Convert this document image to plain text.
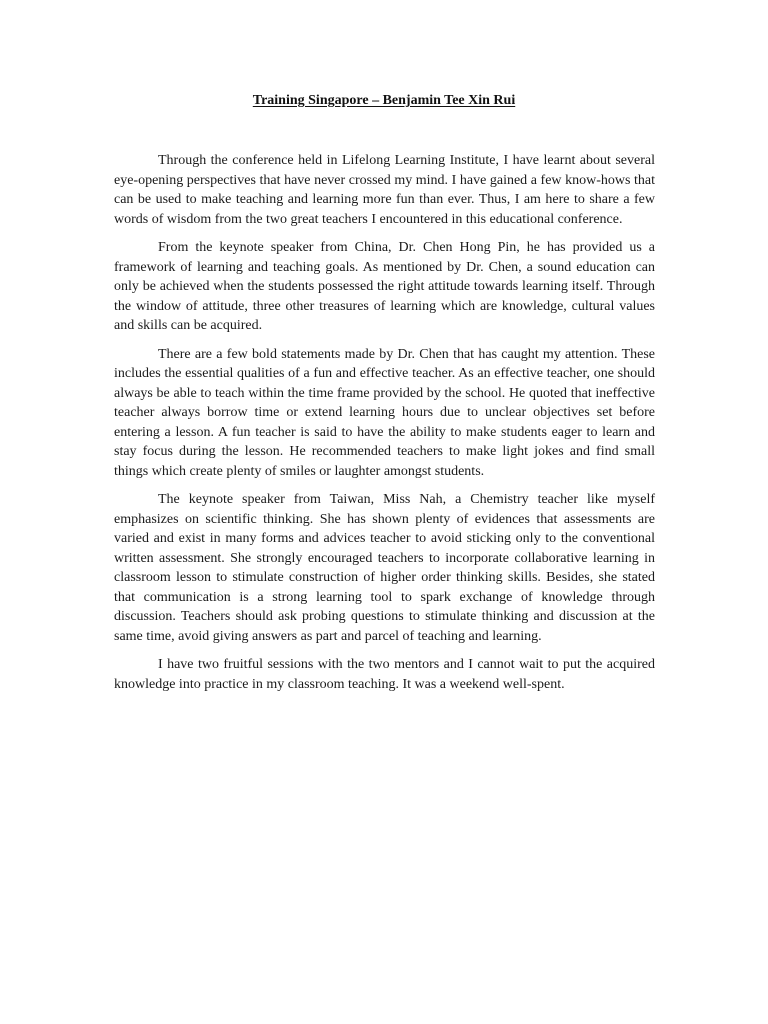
Training Singapore – Benjamin Tee Xin Rui

Through the conference held in Lifelong Learning Institute, I have learnt about several eye-opening perspectives that have never crossed my mind. I have gained a few know-hows that can be used to make teaching and learning more fun than ever. Thus, I am here to share a few words of wisdom from the two great teachers I encountered in this educational conference.

From the keynote speaker from China, Dr. Chen Hong Pin, he has provided us a framework of learning and teaching goals. As mentioned by Dr. Chen, a sound education can only be achieved when the students possessed the right attitude towards learning itself. Through the window of attitude, three other treasures of learning which are knowledge, cultural values and skills can be acquired.

There are a few bold statements made by Dr. Chen that has caught my attention. These includes the essential qualities of a fun and effective teacher. As an effective teacher, one should always be able to teach within the time frame provided by the school. He quoted that ineffective teacher always borrow time or extend learning hours due to unclear objectives set before entering a lesson. A fun teacher is said to have the ability to make students eager to learn and stay focus during the lesson. He recommended teachers to make light jokes and find small things which create plenty of smiles or laughter amongst students.

The keynote speaker from Taiwan, Miss Nah, a Chemistry teacher like myself emphasizes on scientific thinking. She has shown plenty of evidences that assessments are varied and exist in many forms and advices teacher to avoid sticking only to the conventional written assessment. She strongly encouraged teachers to incorporate collaborative learning in classroom lesson to stimulate construction of higher order thinking skills. Besides, she stated that communication is a strong learning tool to spark exchange of knowledge through discussion. Teachers should ask probing questions to stimulate thinking and discussion at the same time, avoid giving answers as part and parcel of teaching and learning.

I have two fruitful sessions with the two mentors and I cannot wait to put the acquired knowledge into practice in my classroom teaching. It was a weekend well-spent.
